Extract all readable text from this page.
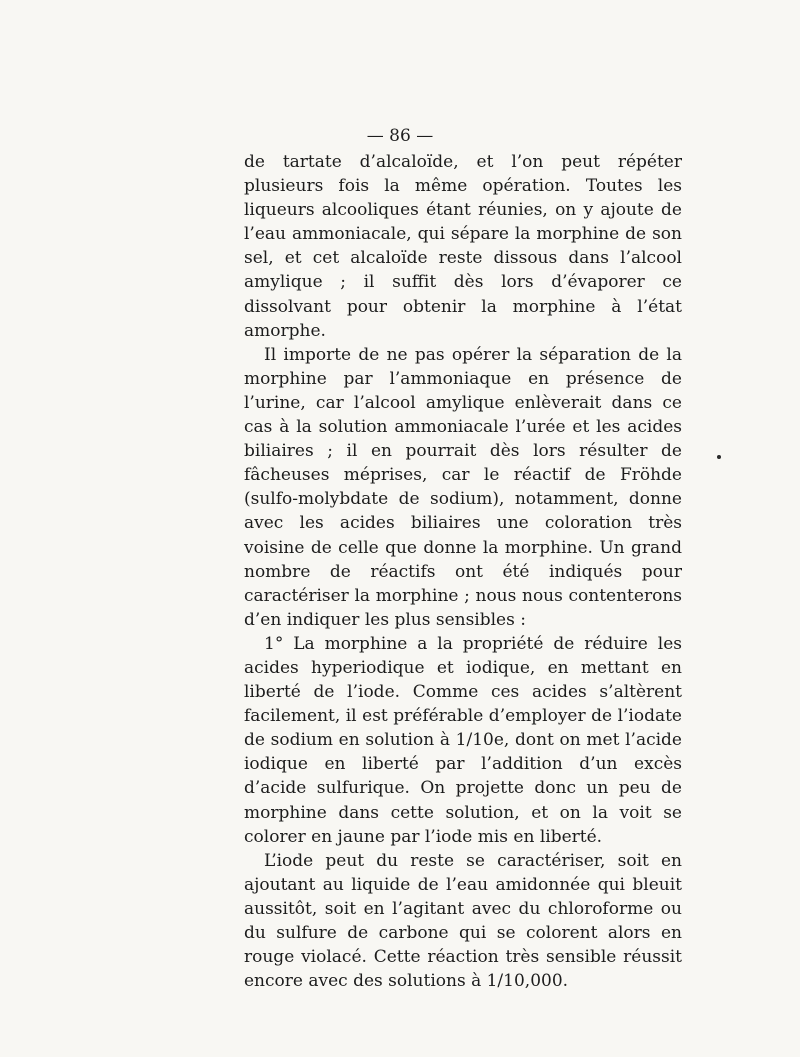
— 86 —

de tartate d’alcaloïde, et l’on peut répéter plusieurs fois la même opération. Toutes les liqueurs alcooliques étant réunies, on y ajoute de l’eau ammoniacale, qui sépare la morphine de son sel, et cet alcaloïde reste dissous dans l’alcool amylique ; il suffit dès lors d’évaporer ce dissolvant pour obtenir la morphine à l’état amorphe.

Il importe de ne pas opérer la séparation de la morphine par l’ammoniaque en présence de l’urine, car l’alcool amylique enlèverait dans ce cas à la solution ammoniacale l’urée et les acides biliaires ; il en pourrait dès lors résulter de fâcheuses méprises, car le réactif de Fröhde (sulfo-molybdate de sodium), notamment, donne avec les acides biliaires une coloration très voisine de celle que donne la morphine. Un grand nombre de réactifs ont été indiqués pour caractériser la morphine ; nous nous contenterons d’en indiquer les plus sensibles :

1° La morphine a la propriété de réduire les acides hyperiodique et iodique, en mettant en liberté de l’iode. Comme ces acides s’altèrent facilement, il est préférable d’employer de l’iodate de sodium en solution à 1/10e, dont on met l’acide iodique en liberté par l’addition d’un excès d’acide sulfurique. On projette donc un peu de morphine dans cette solution, et on la voit se colorer en jaune par l’iode mis en liberté.

L’iode peut du reste se caractériser, soit en ajoutant au liquide de l’eau amidonnée qui bleuit aussitôt, soit en l’agitant avec du chloroforme ou du sulfure de carbone qui se colorent alors en rouge violacé. Cette réaction très sensible réussit encore avec des solutions à 1/10,000.
